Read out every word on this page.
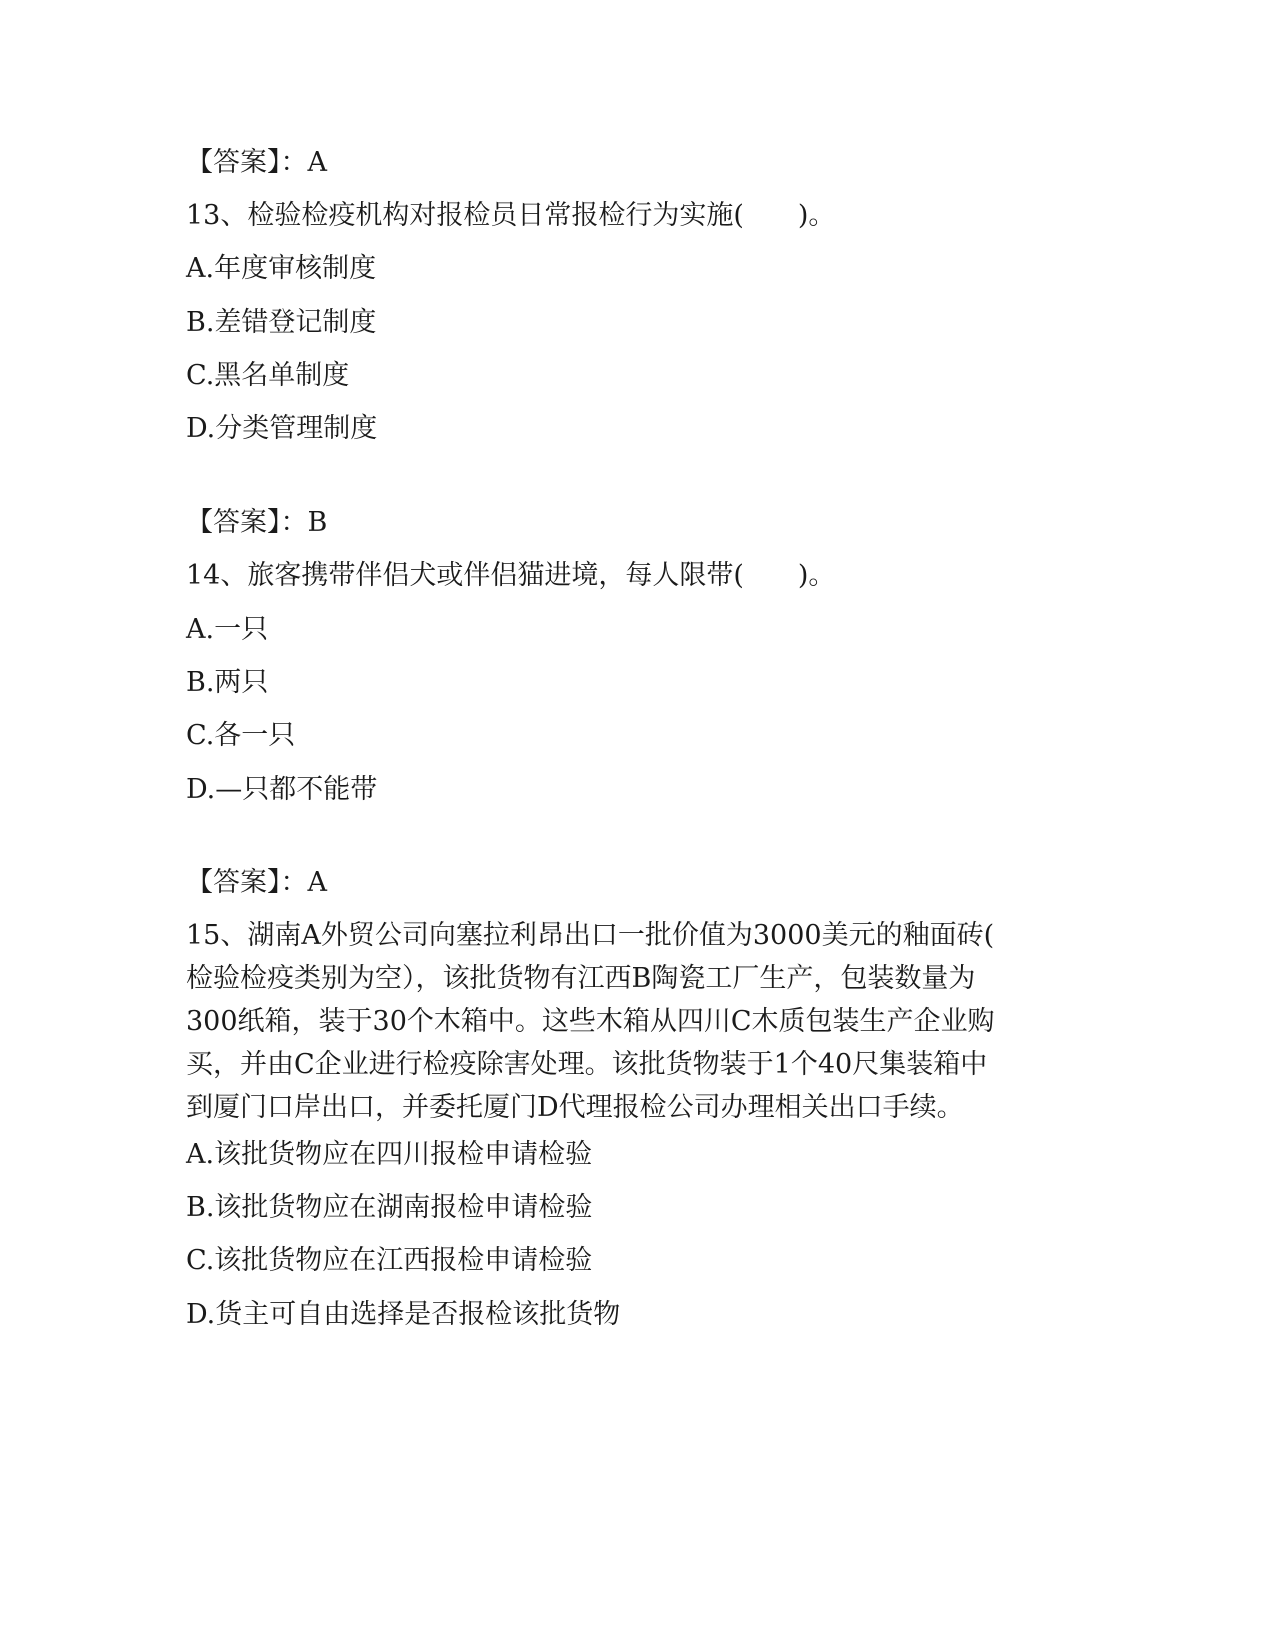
【答案】：A
13、检验检疫机构对报检员日常报检行为实施(　　)。
A.年度审核制度
B.差错登记制度
C.黑名单制度
D.分类管理制度
【答案】：B
14、旅客携带伴侣犬或伴侣猫进境，每人限带(　　)。
A.一只
B.两只
C.各一只
D.—只都不能带
【答案】：A
15、湖南A外贸公司向塞拉利昂出口一批价值为3000美元的釉面砖(
检验检疫类别为空），该批货物有江西B陶瓷工厂生产，包装数量为
300纸箱，装于30个木箱中。这些木箱从四川C木质包装生产企业购
买，并由C企业进行检疫除害处理。该批货物装于1个40尺集装箱中
到厦门口岸出口，并委托厦门D代理报检公司办理相关出口手续。
A.该批货物应在四川报检申请检验
B.该批货物应在湖南报检申请检验
C.该批货物应在江西报检申请检验
D.货主可自由选择是否报检该批货物
